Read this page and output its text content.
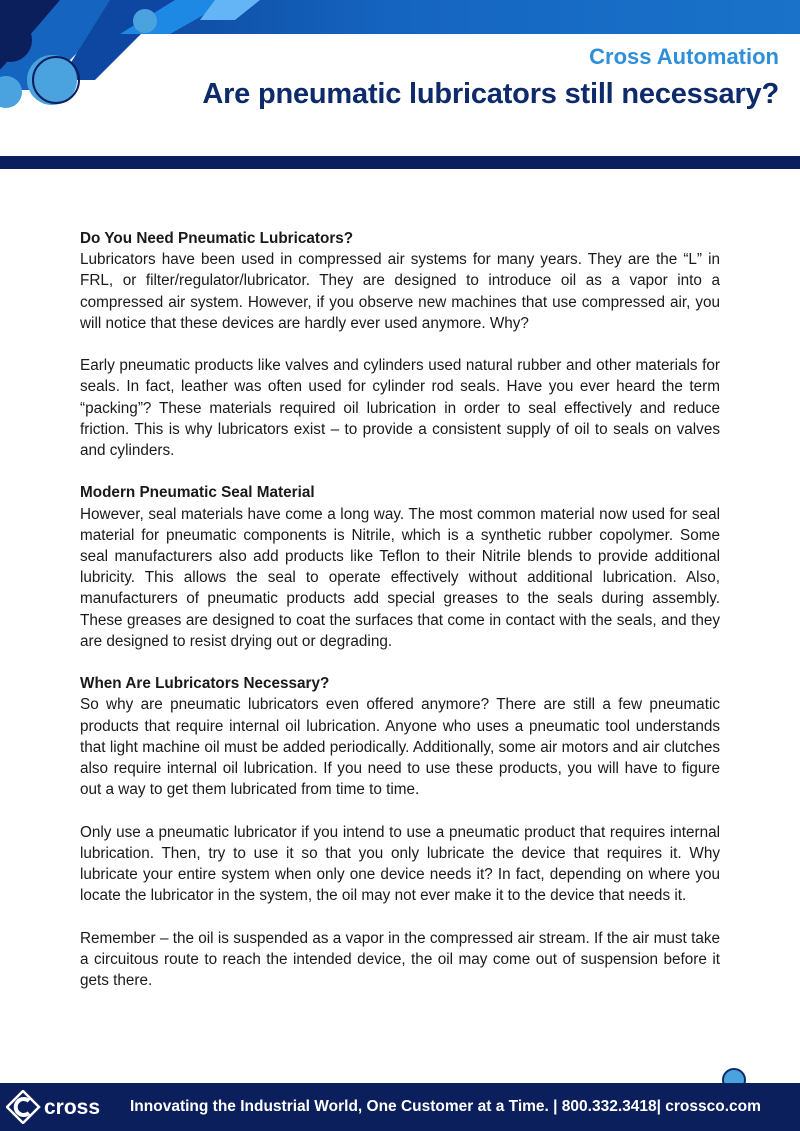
Cross Automation
Are pneumatic lubricators still necessary?

Do You Need Pneumatic Lubricators?

Lubricators have been used in compressed air systems for many years. They are the “L” in FRL, or filter/regulator/lubricator. They are designed to introduce oil as a vapor into a compressed air system. However, if you observe new machines that use compressed air, you will notice that these devices are hardly ever used anymore. Why?

Early pneumatic products like valves and cylinders used natural rubber and other materials for seals. In fact, leather was often used for cylinder rod seals. Have you ever heard the term “packing”? These materials required oil lubrication in order to seal effectively and reduce friction. This is why lubricators exist – to provide a consistent supply of oil to seals on valves and cylinders.

Modern Pneumatic Seal Material

However, seal materials have come a long way. The most common material now used for seal material for pneumatic components is Nitrile, which is a synthetic rubber copolymer. Some seal manufacturers also add products like Teflon to their Nitrile blends to provide additional lubricity. This allows the seal to operate effectively without additional lubrication. Also, manufacturers of pneumatic products add special greases to the seals during assembly. These greases are designed to coat the surfaces that come in contact with the seals, and they are designed to resist drying out or degrading.

When Are Lubricators Necessary?

So why are pneumatic lubricators even offered anymore? There are still a few pneumatic products that require internal oil lubrication. Anyone who uses a pneumatic tool understands that light machine oil must be added periodically. Additionally, some air motors and air clutches also require internal oil lubrication. If you need to use these products, you will have to figure out a way to get them lubricated from time to time.

Only use a pneumatic lubricator if you intend to use a pneumatic product that requires internal lubrication. Then, try to use it so that you only lubricate the device that requires it. Why lubricate your entire system when only one device needs it? In fact, depending on where you locate the lubricator in the system, the oil may not ever make it to the device that needs it.

Remember – the oil is suspended as a vapor in the compressed air stream. If the air must take a circuitous route to reach the intended device, the oil may come out of suspension before it gets there.

cross Innovating the Industrial World, One Customer at a Time. | 800.332.3418| crossco.com
